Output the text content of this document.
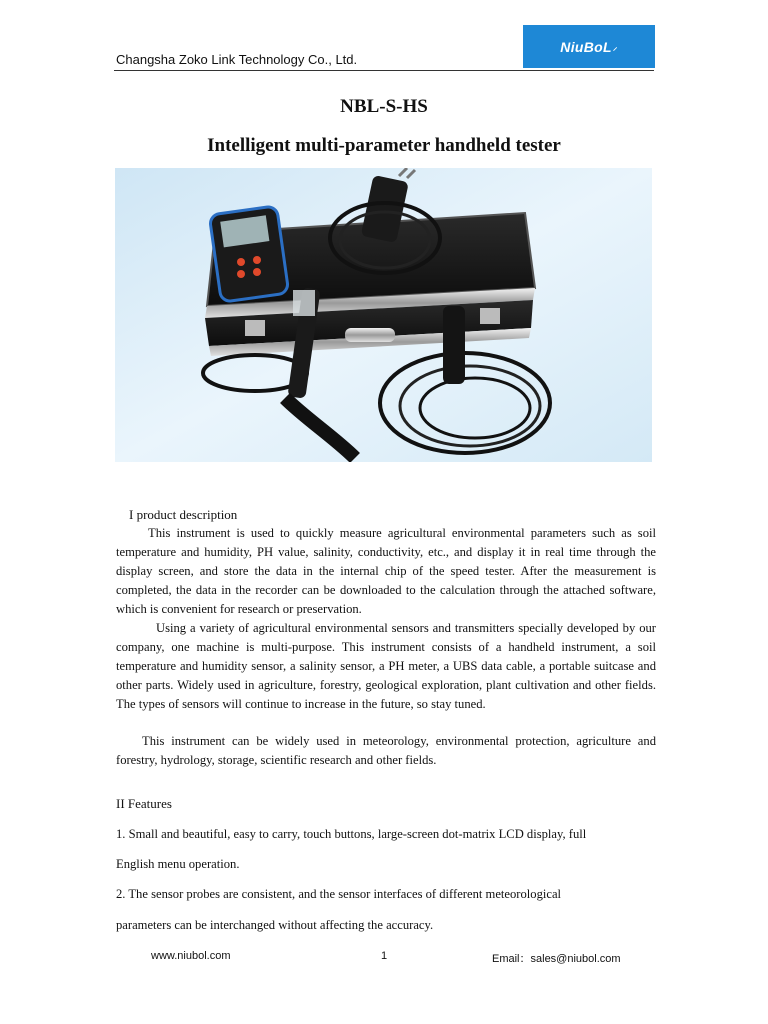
Changsha Zoko Link Technology Co., Ltd.
NiuBoL ⸝
NBL-S-HS
Intelligent multi-parameter handheld tester
I product description
This instrument is used to quickly measure agricultural environmental parameters such as soil temperature and humidity, PH value, salinity, conductivity, etc., and display it in real time through the display screen, and store the data in the internal chip of the speed tester. After the measurement is completed, the data in the recorder can be downloaded to the calculation through the attached software, which is convenient for research or preservation.
Using a variety of agricultural environmental sensors and transmitters specially developed by our company, one machine is multi-purpose. This instrument consists of a handheld instrument, a soil temperature and humidity sensor, a salinity sensor, a PH meter, a UBS data cable, a portable suitcase and other parts. Widely used in agriculture, forestry, geological exploration, plant cultivation and other fields. The types of sensors will continue to increase in the future, so stay tuned.
This instrument can be widely used in meteorology, environmental protection, agriculture and forestry, hydrology, storage, scientific research and other fields.
II Features
1. Small and beautiful, easy to carry, touch buttons, large-screen dot-matrix LCD display, full
English menu operation.
2. The sensor probes are consistent, and the sensor interfaces of different meteorological
parameters can be interchanged without affecting the accuracy.
www.niubol.com	1	Email：sales@niubol.com
